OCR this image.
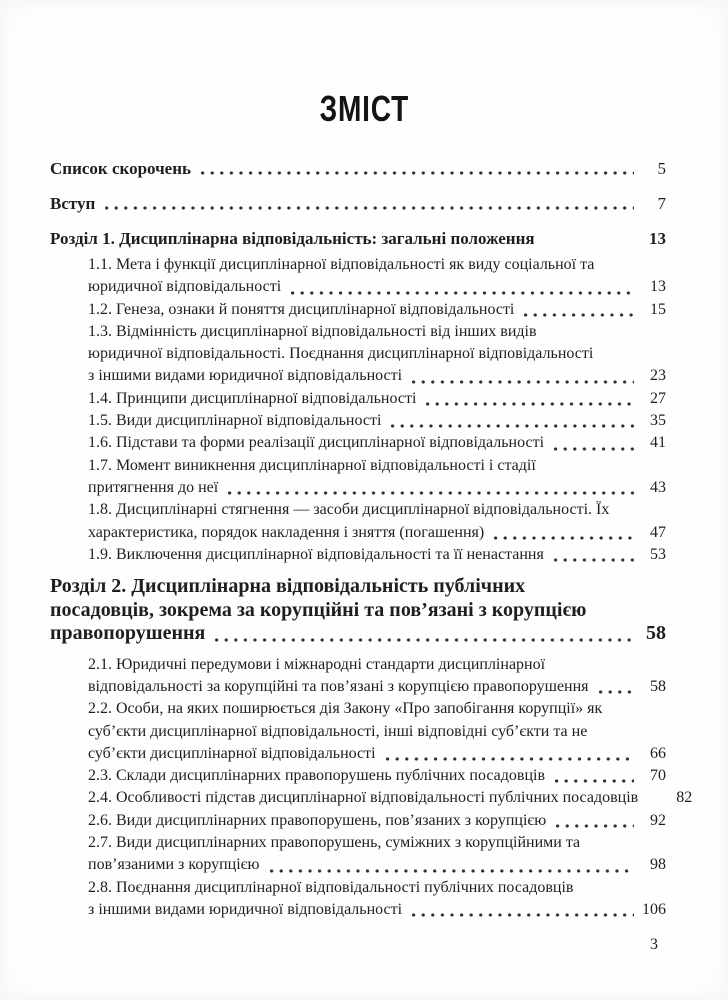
ЗМІСТ
Список скорочень	5
Вступ	7
Розділ 1. Дисциплінарна відповідальність: загальні положення	13
1.1. Мета і функції дисциплінарної відповідальності як виду соціальної та
юридичної відповідальності	13
1.2. Генеза, ознаки й поняття дисциплінарної відповідальності	15
1.3. Відмінність дисциплінарної відповідальності від інших видів
юридичної відповідальності. Поєднання дисциплінарної відповідальності
з іншими видами юридичної відповідальності	23
1.4. Принципи дисциплінарної відповідальності	27
1.5. Види дисциплінарної відповідальності	35
1.6. Підстави та форми реалізації дисциплінарної відповідальності	41
1.7. Момент виникнення дисциплінарної відповідальності і стадії
притягнення до неї	43
1.8. Дисциплінарні стягнення — засоби дисциплінарної відповідальності. Їх
характеристика, порядок накладення і зняття (погашення)	47
1.9. Виключення дисциплінарної відповідальності та її ненастання	53
Розділ 2. Дисциплінарна відповідальність публічних
посадовців, зокрема за корупційні та пов’язані з корупцією
правопорушення	58
2.1. Юридичні передумови і міжнародні стандарти дисциплінарної
відповідальності за корупційні та пов’язані з корупцією правопорушення	58
2.2. Особи, на яких поширюється дія Закону «Про запобігання корупції» як
суб’єкти дисциплінарної відповідальності, інші відповідні суб’єкти та не
суб’єкти дисциплінарної відповідальності	66
2.3. Склади дисциплінарних правопорушень публічних посадовців	70
2.4. Особливості підстав дисциплінарної відповідальності публічних посадовців	82
2.6. Види дисциплінарних правопорушень, пов’язаних з корупцією	92
2.7. Види дисциплінарних правопорушень, суміжних з корупційними та
пов’язаними з корупцією	98
2.8. Поєднання дисциплінарної відповідальності публічних посадовців
з іншими видами юридичної відповідальності	106
3
